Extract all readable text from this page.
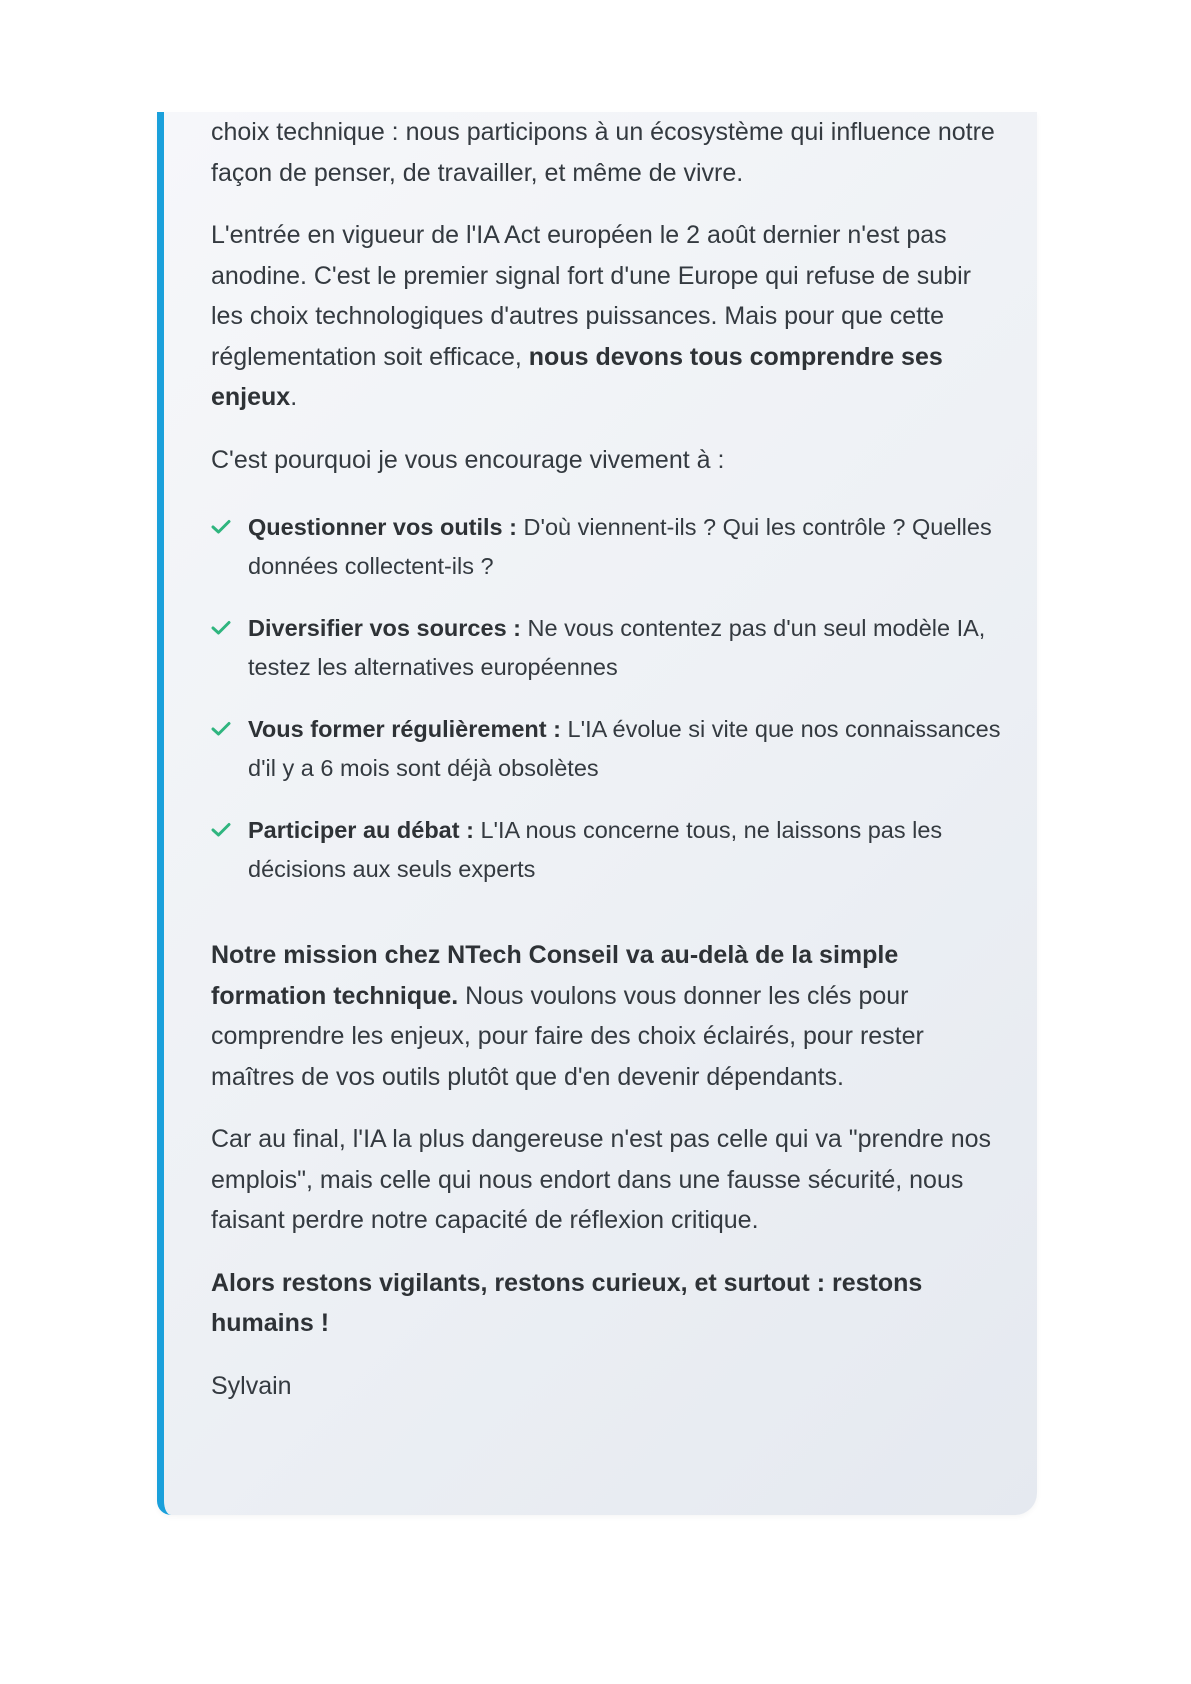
choix technique : nous participons à un écosystème qui influence notre façon de penser, de travailler, et même de vivre.

L'entrée en vigueur de l'IA Act européen le 2 août dernier n'est pas anodine. C'est le premier signal fort d'une Europe qui refuse de subir les choix technologiques d'autres puissances. Mais pour que cette réglementation soit efficace, nous devons tous comprendre ses enjeux.

C'est pourquoi je vous encourage vivement à :

Questionner vos outils : D'où viennent-ils ? Qui les contrôle ? Quelles données collectent-ils ?
Diversifier vos sources : Ne vous contentez pas d'un seul modèle IA, testez les alternatives européennes
Vous former régulièrement : L'IA évolue si vite que nos connaissances d'il y a 6 mois sont déjà obsolètes
Participer au débat : L'IA nous concerne tous, ne laissons pas les décisions aux seuls experts

Notre mission chez NTech Conseil va au-delà de la simple formation technique. Nous voulons vous donner les clés pour comprendre les enjeux, pour faire des choix éclairés, pour rester maîtres de vos outils plutôt que d'en devenir dépendants.

Car au final, l'IA la plus dangereuse n'est pas celle qui va "prendre nos emplois", mais celle qui nous endort dans une fausse sécurité, nous faisant perdre notre capacité de réflexion critique.

Alors restons vigilants, restons curieux, et surtout : restons humains !

Sylvain
